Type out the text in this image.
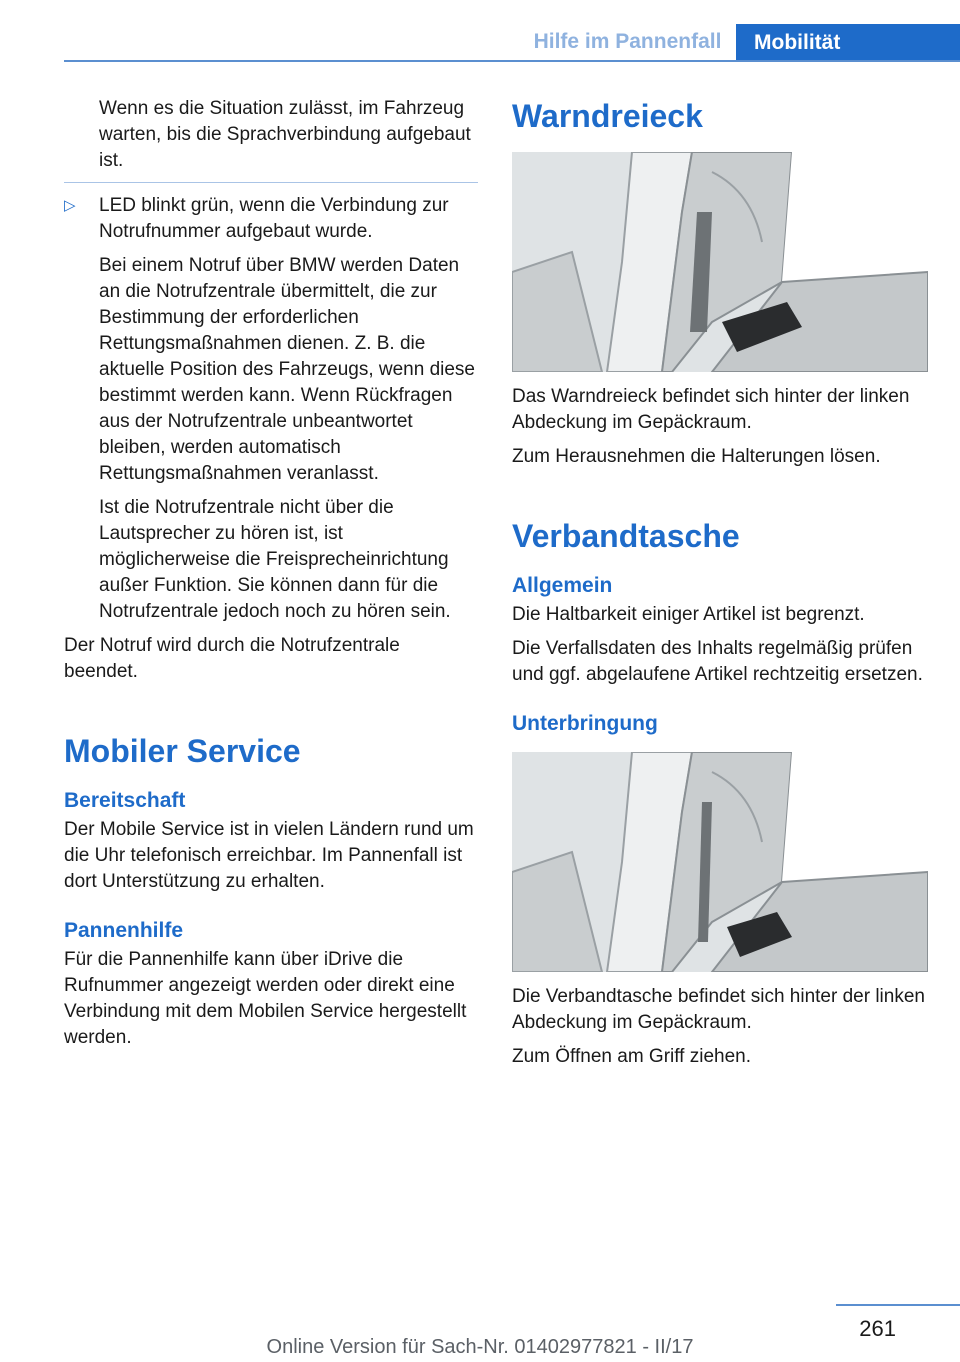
Hilfe im Pannenfall	Mobilität

Wenn es die Situation zulässt, im Fahrzeug warten, bis die Sprachverbindung aufgebaut ist.

▷ LED blinkt grün, wenn die Verbindung zur Notrufnummer aufgebaut wurde.

Bei einem Notruf über BMW werden Daten an die Notrufzentrale übermittelt, die zur Bestimmung der erforderlichen Rettungsmaßnahmen dienen. Z. B. die aktuelle Position des Fahrzeugs, wenn diese bestimmt werden kann. Wenn Rückfragen aus der Notrufzentrale unbeantwortet bleiben, werden automatisch Rettungsmaßnahmen veranlasst.

Ist die Notrufzentrale nicht über die Lautsprecher zu hören ist, ist möglicherweise die Freisprecheinrichtung außer Funktion. Sie können dann für die Notrufzentrale jedoch noch zu hören sein.

Der Notruf wird durch die Notrufzentrale beendet.

Mobiler Service
Bereitschaft

Der Mobile Service ist in vielen Ländern rund um die Uhr telefonisch erreichbar. Im Pannenfall ist dort Unterstützung zu erhalten.

Pannenhilfe

Für die Pannenhilfe kann über iDrive die Rufnummer angezeigt werden oder direkt eine Verbindung mit dem Mobilen Service hergestellt werden.

Warndreieck

Das Warndreieck befindet sich hinter der linken Abdeckung im Gepäckraum.

Zum Herausnehmen die Halterungen lösen.

Verbandtasche
Allgemein

Die Haltbarkeit einiger Artikel ist begrenzt.

Die Verfallsdaten des Inhalts regelmäßig prüfen und ggf. abgelaufene Artikel rechtzeitig ersetzen.

Unterbringung

Die Verbandtasche befindet sich hinter der linken Abdeckung im Gepäckraum.

Zum Öffnen am Griff ziehen.

261
Online Version für Sach-Nr. 01402977821 - II/17
